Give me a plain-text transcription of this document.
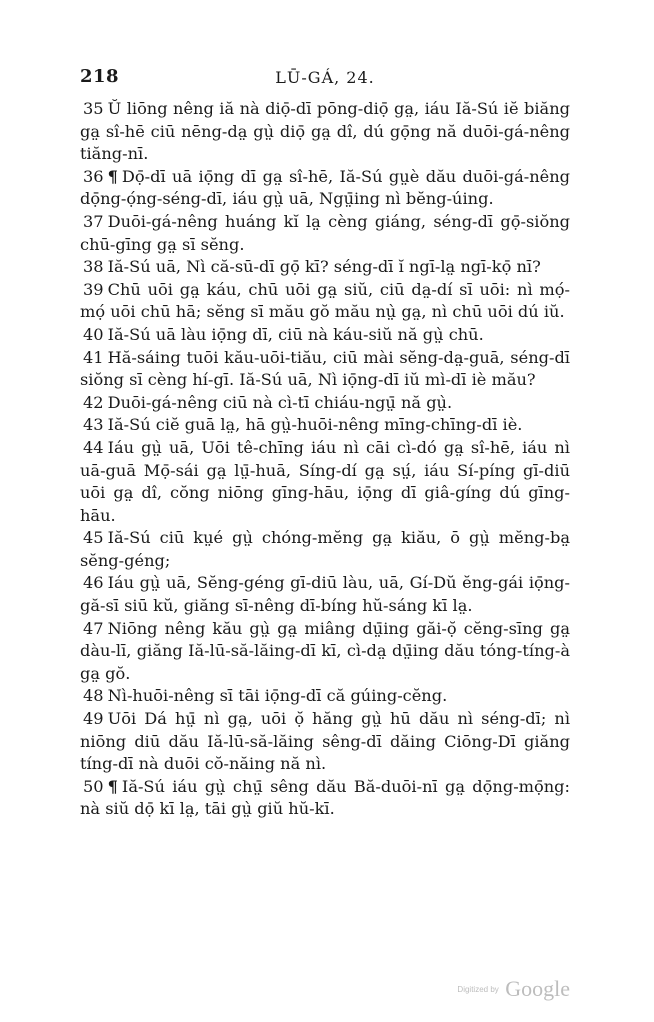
218	LŪ-GÁ, 24.

35 Ŭ liōng nêng iă nà diọ̄-dī pōng-diọ̄ ga̤, iáu Iă-Sú iĕ biăng ga̤ sî-hē ciū nēng-da̤ gṳ̀ diọ̄ ga̤ dî, dú gọ̄ng nă duōi-gá-nêng tiăng-nī.

36 ¶ Dọ̄-dī uā iọ̄ng dī ga̤ sî-hē, Iă-Sú gṳè dău duōi-gá-nêng dọ̄ng-ọ́ng-séng-dī, iáu gṳ̀ uā, Ngṳ̄ing nì bĕng-úing.

37 Duōi-gá-nêng huáng kĭ la̤ cèng giáng, séng-dī gọ̄-siŏng chū-gīng ga̤ sī sĕng.

38 Iă-Sú uā, Nì că-sū-dī gọ̄ kī? séng-dī ĭ ngī-la̤ ngī-kọ̄ nī?

39 Chū uōi ga̤ káu, chū uōi ga̤ siŭ, ciū da̤-dí sī uōi: nì mọ́-mọ́ uōi chū hā; sĕng sī mău gŏ mău nṳ̀ ga̤, nì chū uōi dú iŭ.

40 Iă-Sú uā làu iọ̄ng dī, ciū nà káu-siŭ nă gṳ̀ chū.

41 Hă-sáing tuōi kău-uōi-tiău, ciū mài sĕng-da̤-guā, séng-dī siŏng sī cèng hí-gī. Iă-Sú uā, Nì iọ̄ng-dī iŭ mì-dī iè mău?

42 Duōi-gá-nêng ciū nà cì-tī chiáu-ngṳ̄ nă gṳ̀.

43 Iă-Sú ciĕ guā la̤, hā gṳ̀-huōi-nêng mīng-chīng-dī iè.

44 Iáu gṳ̀ uā, Uōi tê-chīng iáu nì cāi cì-dó ga̤ sî-hē, iáu nì uā-guā Mọ̄-sái ga̤ lṳ̄-huā, Síng-dí ga̤ sṳ́, iáu Sí-píng gī-diū uōi ga̤ dî, cŏng niōng gīng-hāu, iọ̄ng dī giâ-gíng dú gīng-hāu.

45 Iă-Sú ciū kṳé gṳ̀ chóng-mĕng ga̤ kiău, ō gṳ̀ mĕng-ba̤ sĕng-géng;

46 Iáu gṳ̀ uā, Sĕng-géng gī-diū làu, uā, Gí-Dŭ ĕng-gái iọ̄ng-gă-sī siū kŭ, giăng sī-nêng dī-bíng hŭ-sáng kī la̤.

47 Niōng nêng kău gṳ̀ ga̤ miâng dṳ̄ing găi-ọ̆ cĕng-sīng ga̤ dàu-lī, giăng Iă-lū-să-lăing-dī kī, cì-da̤ dṳ̄ing dău tóng-tíng-à ga̤ gŏ.

48 Nì-huōi-nêng sī tāi iọ̄ng-dī că gúing-cĕng.

49 Uōi Dá hṳ̄ nì ga̤, uōi ọ̆ hăng gṳ̀ hū dău nì séng-dī; nì niōng diū dău Iă-lū-să-lăing sêng-dī dăing Ciōng-Dī giăng tíng-dī nà duōi cŏ-năing nă nì.

50 ¶ Iă-Sú iáu gṳ̀ chṳ̄ sêng dău Bă-duōi-nī ga̤ dọ̄ng-mọ̄ng: nà siŭ dọ̄ kī la̤, tāi gṳ̀ giŭ hŭ-kī.

Digitized by Google
